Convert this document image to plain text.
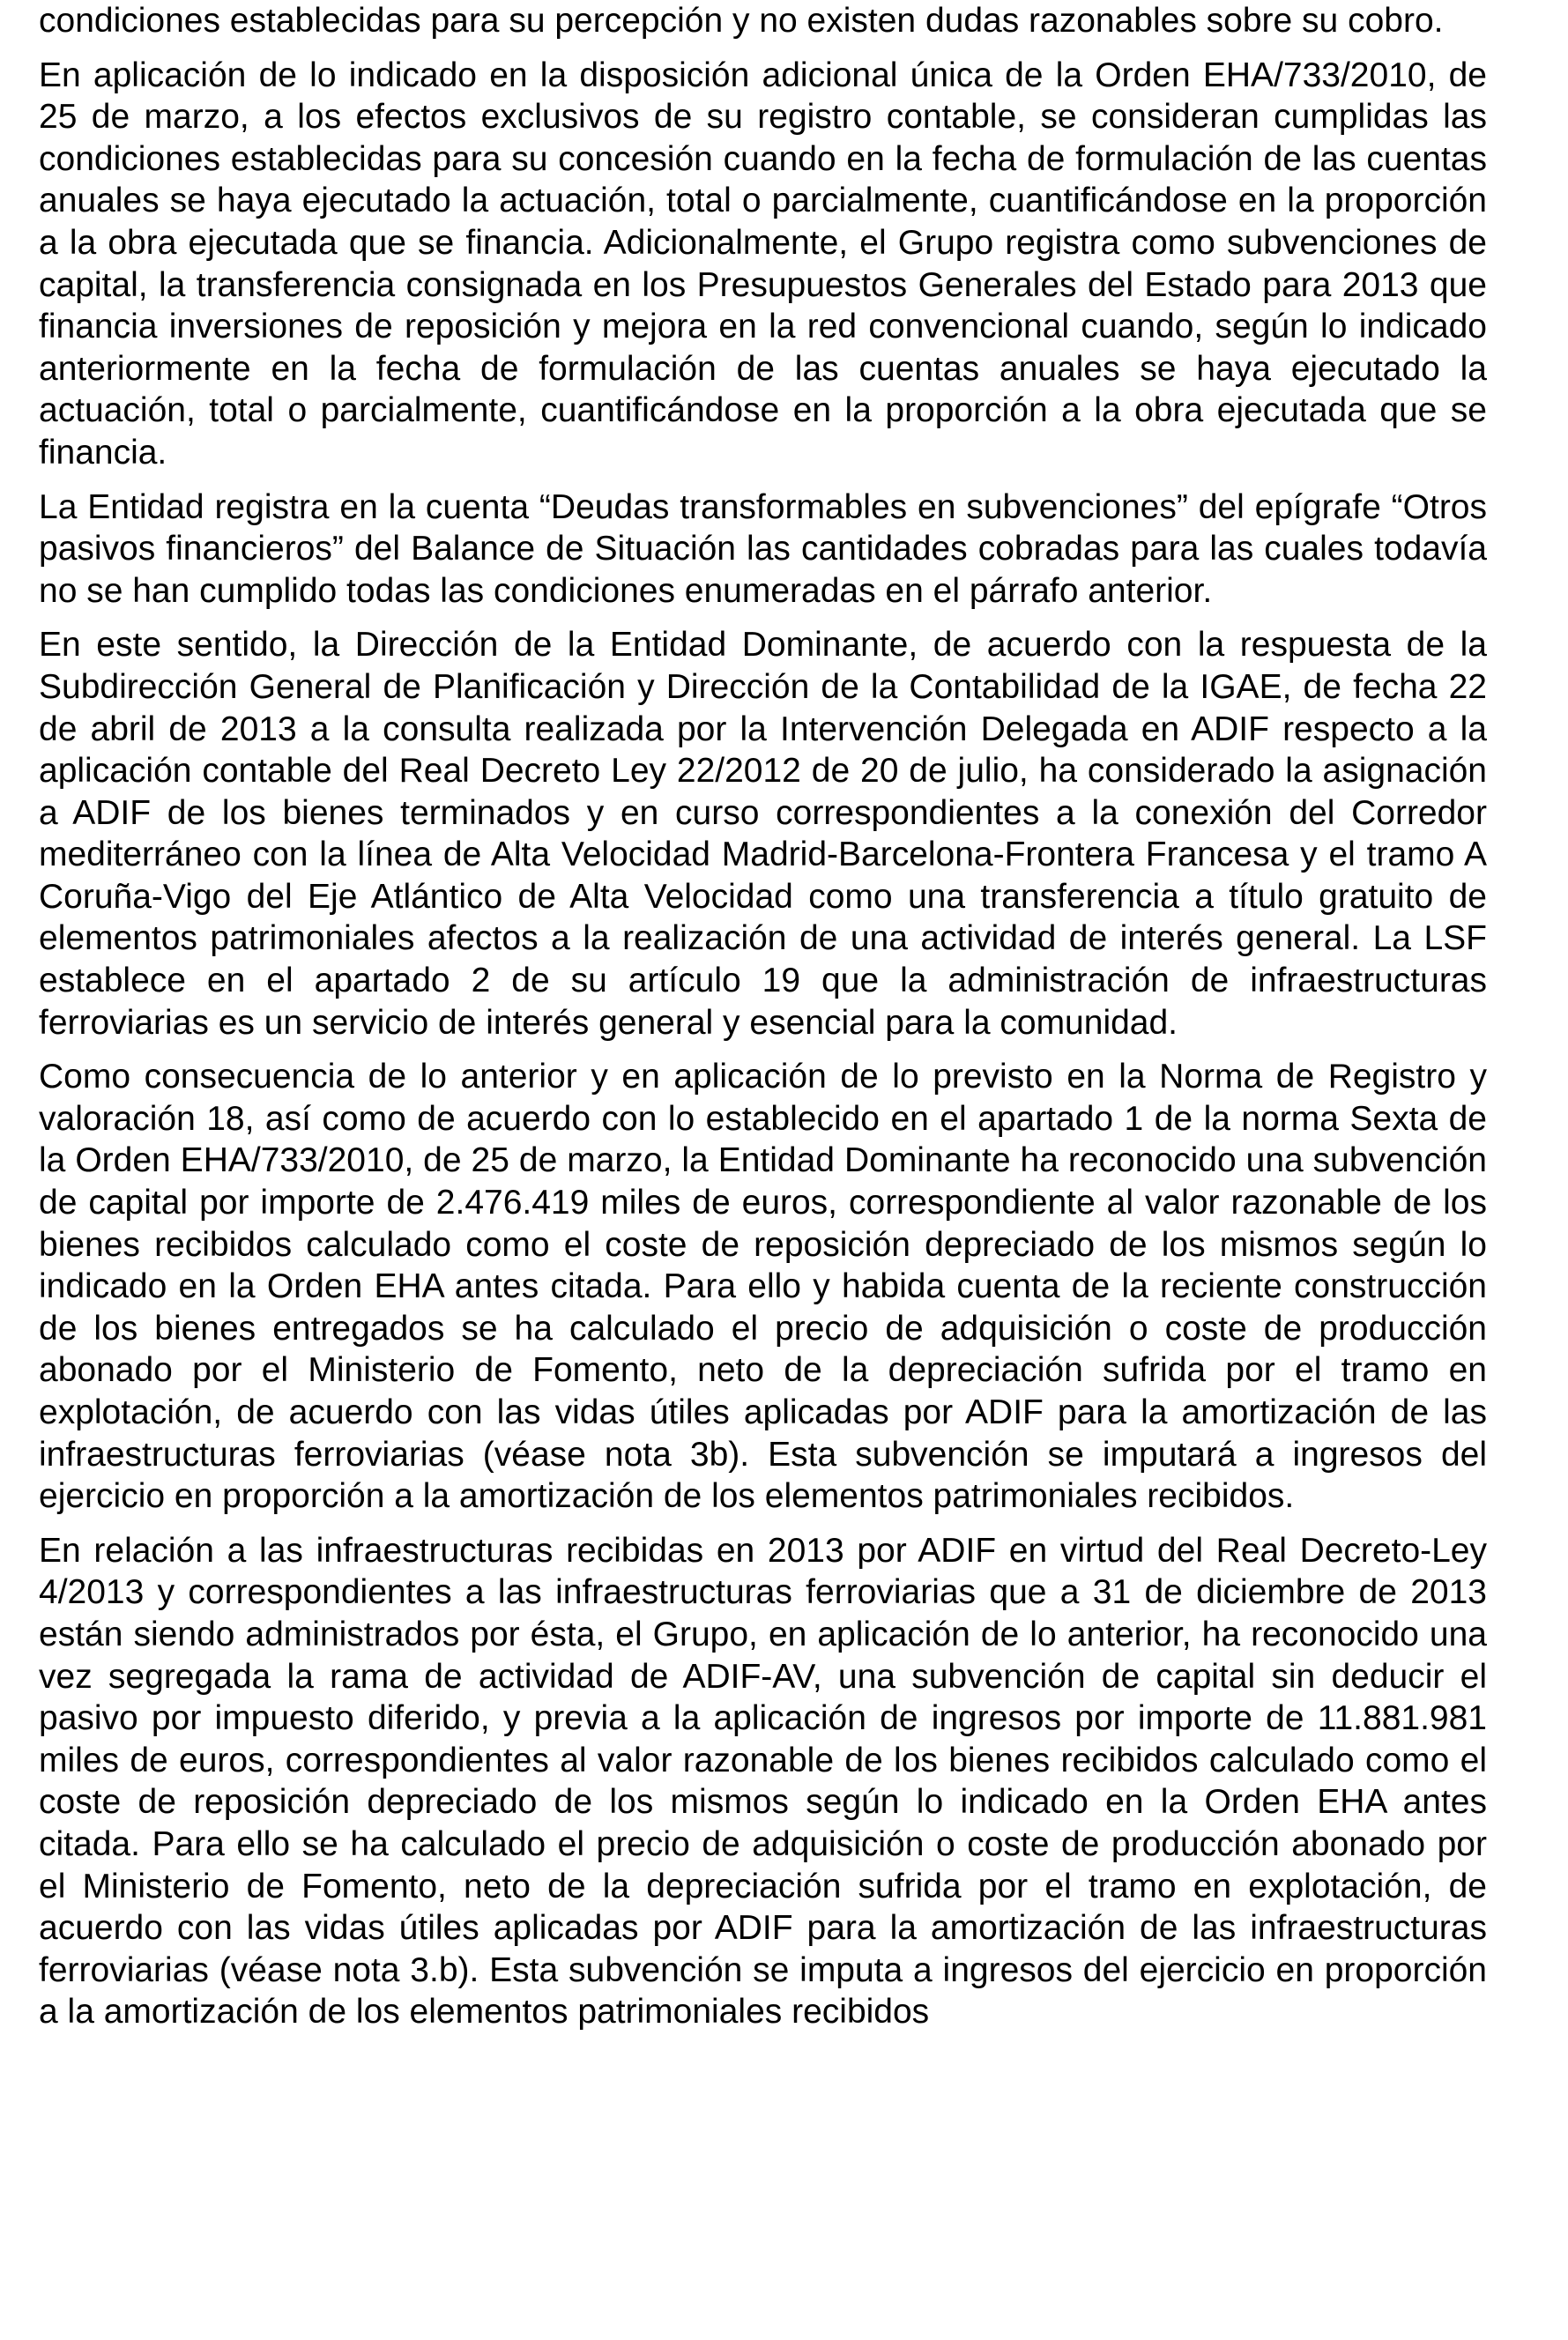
condiciones establecidas para su percepción y no existen dudas razonables sobre su cobro.

En aplicación de lo indicado en la disposición adicional única de la Orden EHA/733/2010, de 25 de marzo, a los efectos exclusivos de su registro contable, se consideran cumplidas las condiciones establecidas para su concesión cuando en la fecha de formulación de las cuentas anuales se haya ejecutado la actuación, total o parcialmente, cuantificándose en la proporción a la obra ejecutada que se financia. Adicionalmente, el Grupo registra como subvenciones de capital, la transferencia consignada en los Presupuestos Generales del Estado para 2013 que financia inversiones de reposición y mejora en la red convencional cuando, según lo indicado anteriormente en la fecha de formulación de las cuentas anuales se haya ejecutado la actuación, total o parcialmente, cuantificándose en la proporción a la obra ejecutada que se financia.

La Entidad registra en la cuenta “Deudas transformables en subvenciones” del epígrafe “Otros pasivos financieros” del Balance de Situación las cantidades cobradas para las cuales todavía no se han cumplido todas las condiciones enumeradas en el párrafo anterior.

En este sentido, la Dirección de la Entidad Dominante, de acuerdo con la respuesta de la Subdirección General de Planificación y Dirección de la Contabilidad de la IGAE, de fecha 22 de abril de 2013 a la consulta realizada por la Intervención Delegada en ADIF respecto a la aplicación contable del Real Decreto Ley 22/2012 de 20 de julio, ha considerado la asignación a ADIF de los bienes terminados y en curso correspondientes a la conexión del Corredor mediterráneo con la línea de Alta Velocidad Madrid-Barcelona-Frontera Francesa y el tramo A Coruña-Vigo del Eje Atlántico de Alta Velocidad como una transferencia a título gratuito de elementos patrimoniales afectos a la realización de una actividad de interés general. La LSF establece en el apartado 2 de su artículo 19 que la administración de infraestructuras ferroviarias es un servicio de interés general y esencial para la comunidad.

Como consecuencia de lo anterior y en aplicación de lo previsto en la Norma de Registro y valoración 18, así como de acuerdo con lo establecido en el apartado 1 de la norma Sexta de la Orden EHA/733/2010, de 25 de marzo, la Entidad Dominante ha reconocido una subvención de capital por importe de 2.476.419 miles de euros, correspondiente al valor razonable de los bienes recibidos calculado como el coste de reposición depreciado de los mismos según lo indicado en la Orden EHA antes citada. Para ello y habida cuenta de la reciente construcción de los bienes entregados se ha calculado el precio de adquisición o coste de producción abonado por el Ministerio de Fomento, neto de la depreciación sufrida por el tramo en explotación, de acuerdo con las vidas útiles aplicadas por ADIF para la amortización de las infraestructuras ferroviarias (véase nota 3b). Esta subvención se imputará a ingresos del ejercicio en proporción a la amortización de los elementos patrimoniales recibidos.

En relación a las infraestructuras recibidas en 2013 por ADIF en virtud del Real Decreto-Ley 4/2013 y correspondientes a las infraestructuras ferroviarias que a 31 de diciembre de 2013 están siendo administrados por ésta, el Grupo, en aplicación de lo anterior, ha reconocido una vez segregada la rama de actividad de ADIF-AV, una subvención de capital sin deducir el pasivo por impuesto diferido, y previa a la aplicación de ingresos por importe de 11.881.981 miles de euros, correspondientes al valor razonable de los bienes recibidos calculado como el coste de reposición depreciado de los mismos según lo indicado en la Orden EHA antes citada. Para ello se ha calculado el precio de adquisición o coste de producción abonado por el Ministerio de Fomento, neto de la depreciación sufrida por el tramo en explotación, de acuerdo con las vidas útiles aplicadas por ADIF para la amortización de las infraestructuras ferroviarias (véase nota 3.b). Esta subvención se imputa a ingresos del ejercicio en proporción a la amortización de los elementos patrimoniales recibidos
